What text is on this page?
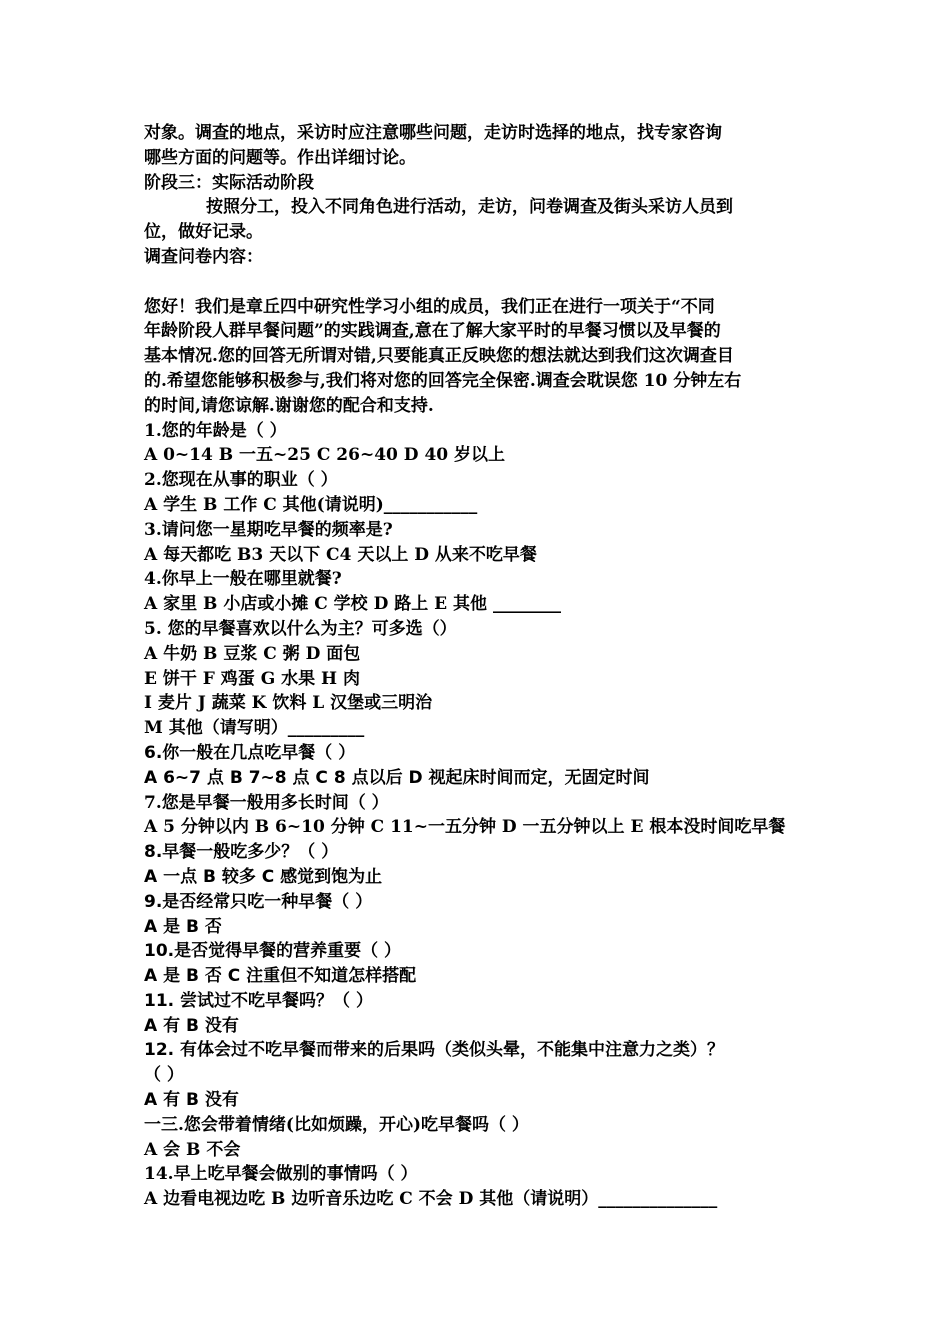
对象。调查的地点，采访时应注意哪些问题，走访时选择的地点，找专家咨询
哪些方面的问题等。作出详细讨论。
阶段三：实际活动阶段
按照分工，投入不同角色进行活动，走访，问卷调查及街头采访人员到
位，做好记录。
调查问卷内容：
您好！我们是章丘四中研究性学习小组的成员，我们正在进行一项关于“不同
年龄阶段人群早餐问题”的实践调查,意在了解大家平时的早餐习惯以及早餐的
基本情况.您的回答无所谓对错,只要能真正反映您的想法就达到我们这次调查目
的.希望您能够积极参与,我们将对您的回答完全保密.调查会耽误您 10 分钟左右
的时间,请您谅解.谢谢您的配合和支持.
1.您的年龄是（ ）
A 0~14 B 一五~25 C 26~40 D 40 岁以上
2.您现在从事的职业（ ）
A 学生 B 工作 C 其他(请说明)___________
3.请问您一星期吃早餐的频率是?
A 每天都吃 B3 天以下 C4 天以上 D 从来不吃早餐
4.你早上一般在哪里就餐?
A 家里 B 小店或小摊 C 学校 D 路上 E 其他 ________
5. 您的早餐喜欢以什么为主？可多选（）
A 牛奶 B 豆浆 C 粥 D 面包
E 饼干 F 鸡蛋 G 水果 H 肉
I 麦片 J 蔬菜 K 饮料 L 汉堡或三明治
M 其他（请写明）_________
6.你一般在几点吃早餐（ ）
A 6~7 点 B 7~8 点 C 8 点以后 D 视起床时间而定，无固定时间
7.您是早餐一般用多长时间（ ）
A 5 分钟以内 B 6~10 分钟 C 11~一五分钟 D 一五分钟以上 E 根本没时间吃早餐
8.早餐一般吃多少？（ ）
A 一点 B 较多 C 感觉到饱为止
9.是否经常只吃一种早餐（ ）
A 是 B 否
10.是否觉得早餐的营养重要（ ）
A 是 B 否 C 注重但不知道怎样搭配
11. 尝试过不吃早餐吗？（ ）
A 有 B 没有
12. 有体会过不吃早餐而带来的后果吗（类似头晕，不能集中注意力之类）？
（ ）
A 有 B 没有
一三.您会带着情绪(比如烦躁，开心)吃早餐吗（ ）
A 会 B 不会
14.早上吃早餐会做别的事情吗（ ）
A 边看电视边吃 B 边听音乐边吃 C 不会 D 其他（请说明）______________
